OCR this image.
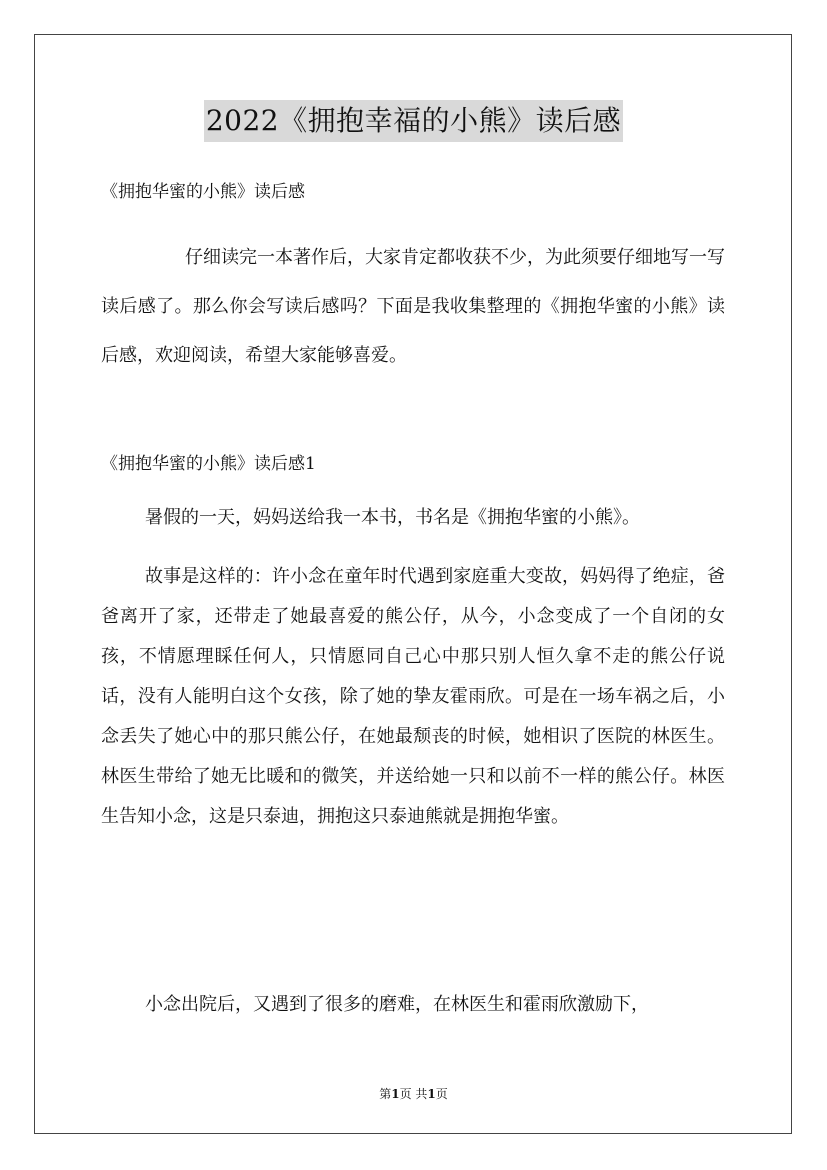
2022《拥抱幸福的小熊》读后感
《拥抱华蜜的小熊》读后感
仔细读完一本著作后，大家肯定都收获不少，为此须要仔细地写一写读后感了。那么你会写读后感吗？下面是我收集整理的《拥抱华蜜的小熊》读后感，欢迎阅读，希望大家能够喜爱。
《拥抱华蜜的小熊》读后感1
暑假的一天，妈妈送给我一本书，书名是《拥抱华蜜的小熊》。
故事是这样的：许小念在童年时代遇到家庭重大变故，妈妈得了绝症，爸爸离开了家，还带走了她最喜爱的熊公仔，从今，小念变成了一个自闭的女孩，不情愿理睬任何人，只情愿同自己心中那只别人恒久拿不走的熊公仔说话，没有人能明白这个女孩，除了她的挚友霍雨欣。可是在一场车祸之后，小念丢失了她心中的那只熊公仔，在她最颓丧的时候，她相识了医院的林医生。林医生带给了她无比暖和的微笑，并送给她一只和以前不一样的熊公仔。林医生告知小念，这是只泰迪，拥抱这只泰迪熊就是拥抱华蜜。
小念出院后，又遇到了很多的磨难，在林医生和霍雨欣激励下，
第1页 共1页
